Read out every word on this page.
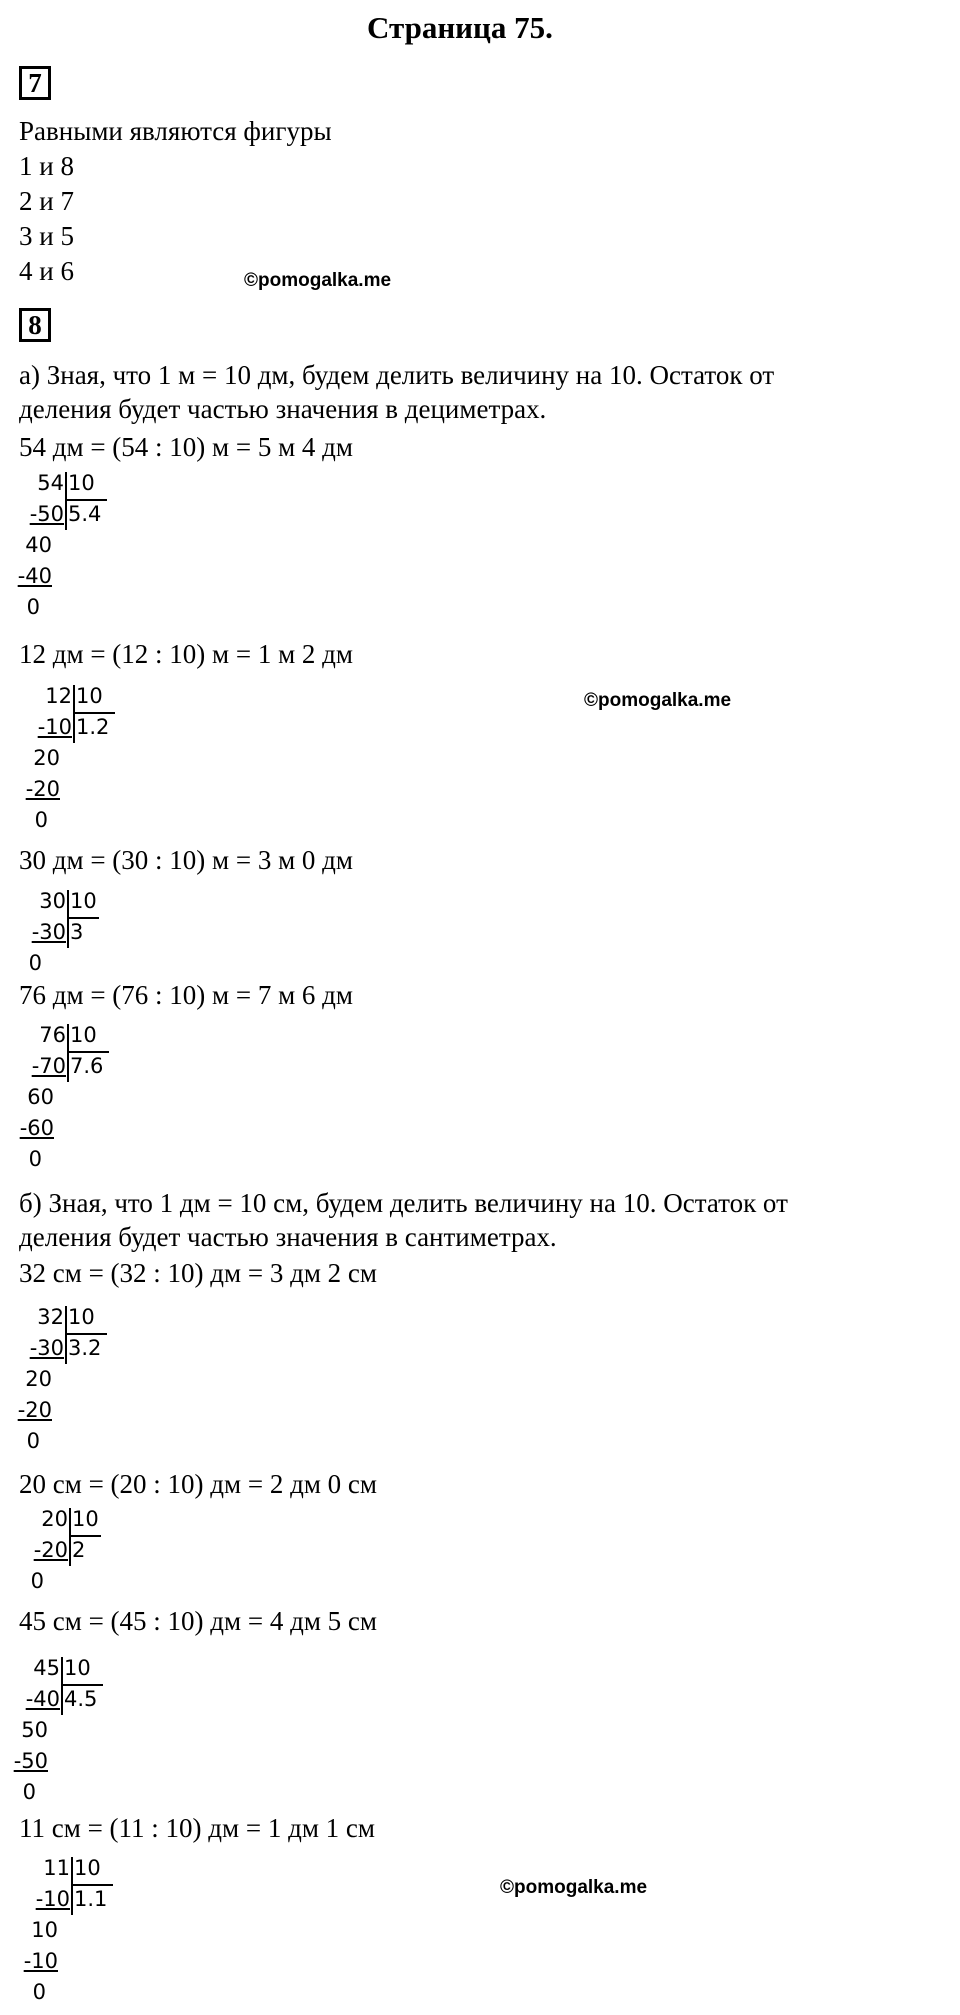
Страница 75.
7
Равными являются фигуры
1 и 8
2 и 7
3 и 5
4 и 6	©pomogalka.me
8
а) Зная, что 1 м = 10 дм, будем делить величину на 10. Остаток от
деления будет частью значения в дециметрах.
©pomogalka.me
б) Зная, что 1 дм = 10 см, будем делить величину на 10. Остаток от
деления будет частью значения в сантиметрах.
©pomogalka.me
54 дм = (54 : 10) м = 5 м 4 дм
54
-50
40
-40
0
10
5.4
12 дм = (12 : 10) м = 1 м 2 дм
12
-10
20
-20
0
10
1.2
30 дм = (30 : 10) м = 3 м 0 дм
30
-30
0
10
3
76 дм = (76 : 10) м = 7 м 6 дм
76
-70
60
-60
0
10
7.6
32 см = (32 : 10) дм = 3 дм 2 см
32
-30
20
-20
0
10
3.2
20 см = (20 : 10) дм = 2 дм 0 см
20
-20
0
10
2
45 см = (45 : 10) дм = 4 дм 5 см
45
-40
50
-50
0
10
4.5
11 см = (11 : 10) дм = 1 дм 1 см
11
-10
10
-10
0
10
1.1
